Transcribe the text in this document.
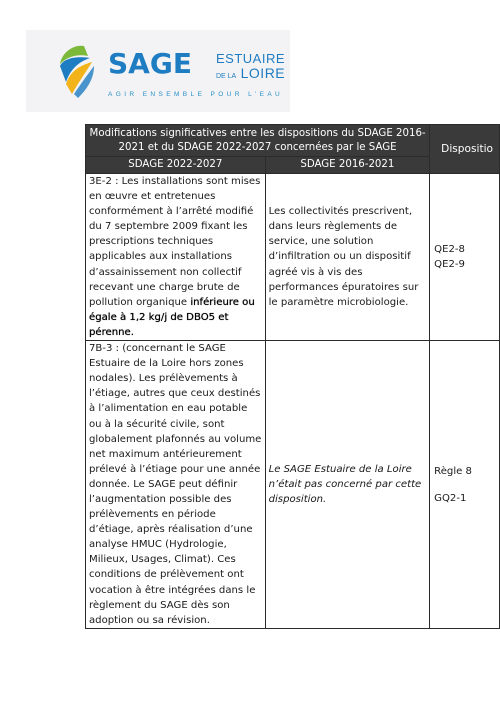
SAGE ESTUAIRE
DE LA LOIRE
AGIR ENSEMBLE POUR L’EAU
Modifications significatives entre les dispositions du SDAGE 2016-2021 et du SDAGE 2022-2027 concernées par le SAGE		Dispositio
SDAGE 2022-2027	SDAGE 2016-2021	
3E-2 : Les installations sont mises en œuvre et entretenues conformément à l’arrêté modifié du 7 septembre 2009 fixant les prescriptions techniques applicables aux installations d’assainissement non collectif recevant une charge brute de pollution organique inférieure ou égale à 1,2 kg/j de DBO5 et pérenne.	Les collectivités prescrivent, dans leurs règlements de service, une solution d’infiltration ou un dispositif agréé vis à vis des performances épuratoires sur le paramètre microbiologie.	QE2-8
QE2-9

7B-3 : (concernant le SAGE Estuaire de la Loire hors zones nodales). Les prélèvements à l’étiage, autres que ceux destinés à l’alimentation en eau potable ou à la sécurité civile, sont globalement plafonnés au volume net maximum antérieurement prélevé à l’étiage pour une année donnée. Le SAGE peut définir l’augmentation possible des prélèvements en période d’étiage, après réalisation d’une analyse HMUC (Hydrologie, Milieux, Usages, Climat). Ces conditions de prélèvement ont vocation à être intégrées dans le règlement du SAGE dès son adoption ou sa révision.	Le SAGE Estuaire de la Loire n’était pas concerné par cette disposition.	Règle 8
GQ2-1
